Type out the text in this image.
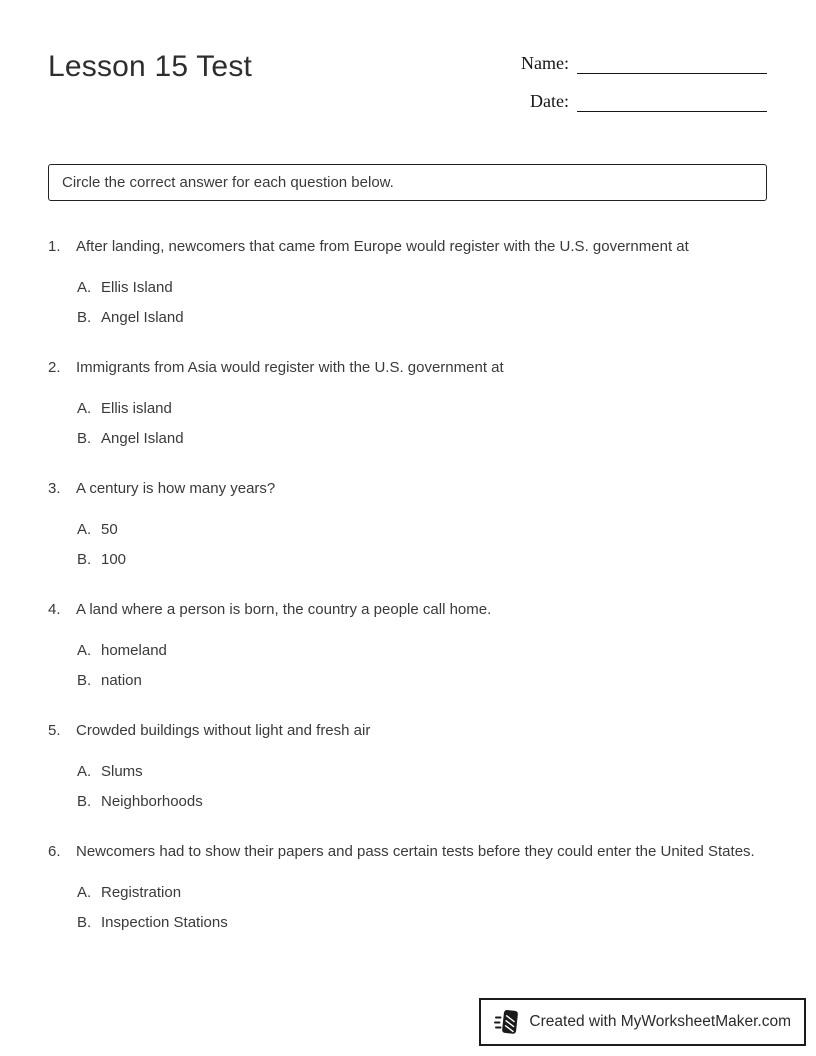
Lesson 15 Test	Name:
Date:
Circle the correct answer for each question below.
1.	After landing, newcomers that came from Europe would register with the U.S. government at
A. Ellis Island
B. Angel Island
2.	Immigrants from Asia would register with the U.S. government at
A. Ellis island
B. Angel Island
3.	A century is how many years?
A. 50
B. 100
4.	A land where a person is born, the country a people call home.
A. homeland
B. nation
5.	Crowded buildings without light and fresh air
A. Slums
B. Neighborhoods
6.	Newcomers had to show their papers and pass certain tests before they could enter the United States.
A. Registration
B. Inspection Stations
Created with MyWorksheetMaker.com
